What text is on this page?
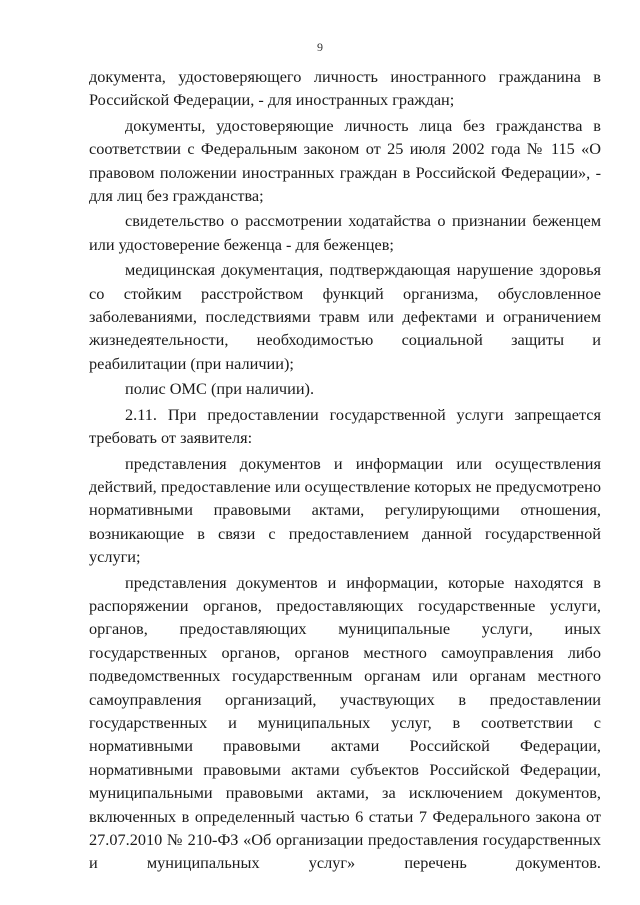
9

документа, удостоверяющего личность иностранного гражданина в Российской Федерации, - для иностранных граждан;

документы, удостоверяющие личность лица без гражданства в соответствии с Федеральным законом от 25 июля 2002 года № 115 «О правовом положении иностранных граждан в Российской Федерации», - для лиц без гражданства;

свидетельство о рассмотрении ходатайства о признании беженцем или удостоверение беженца - для беженцев;

медицинская документация, подтверждающая нарушение здоровья со стойким расстройством функций организма, обусловленное заболеваниями, последствиями травм или дефектами и ограничением жизнедеятельности, необходимостью социальной защиты и реабилитации (при наличии);

полис ОМС (при наличии).

2.11. При предоставлении государственной услуги запрещается требовать от заявителя:

представления документов и информации или осуществления действий, предоставление или осуществление которых не предусмотрено нормативными правовыми актами, регулирующими отношения, возникающие в связи с предоставлением данной государственной услуги;

представления документов и информации, которые находятся в распоряжении органов, предоставляющих государственные услуги, органов, предоставляющих муниципальные услуги, иных государственных органов, органов местного самоуправления либо подведомственных государственным органам или органам местного самоуправления организаций, участвующих в предоставлении государственных и муниципальных услуг, в соответствии с нормативными правовыми актами Российской Федерации, нормативными правовыми актами субъектов Российской Федерации, муниципальными правовыми актами, за исключением документов, включенных в определенный частью 6 статьи 7 Федерального закона от 27.07.2010 № 210-ФЗ «Об организации предоставления государственных и муниципальных услуг» перечень документов.
